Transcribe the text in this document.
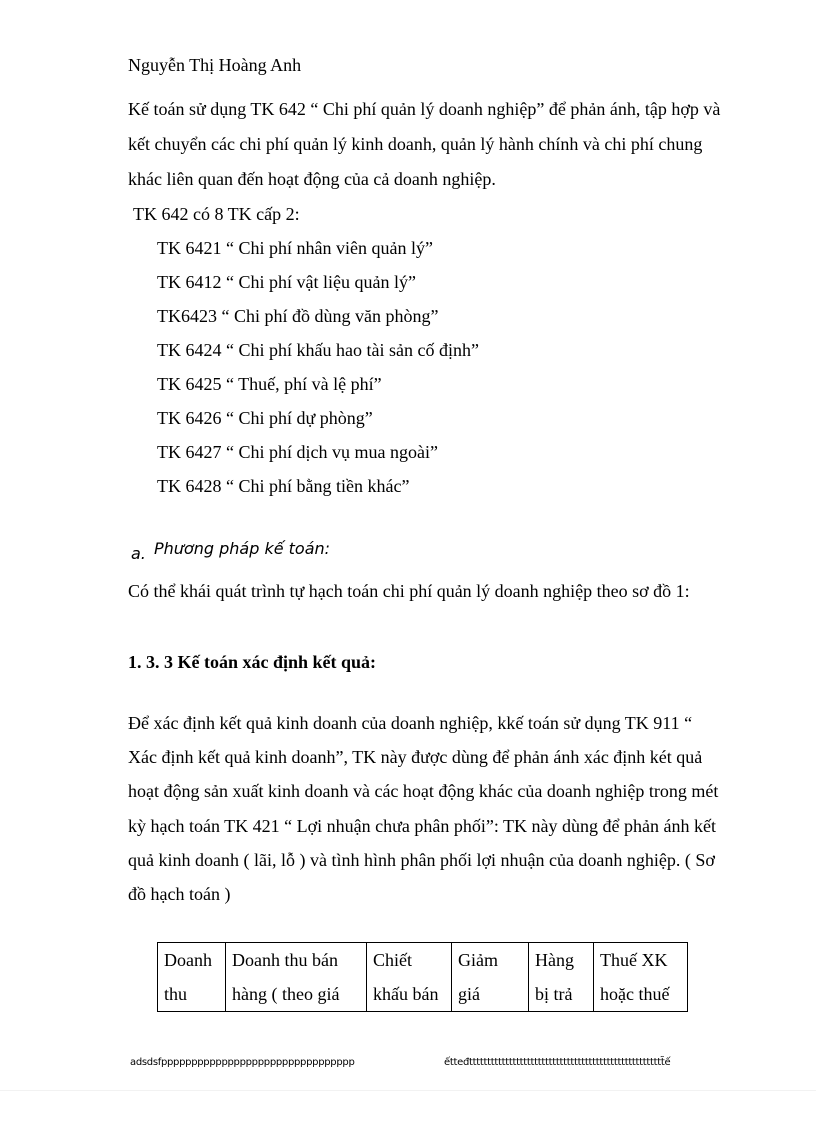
Nguyễn Thị Hoàng Anh
Kế toán sử dụng TK 642 “ Chi phí quản lý doanh nghiệp” để phản ánh, tập hợp và
kết chuyển các chi phí quản lý kinh doanh, quản lý hành chính và chi phí chung
khác liên quan đến hoạt động của cả doanh nghiệp.
TK 642 có 8 TK cấp 2:
TK 6421 “ Chi phí nhân viên quản lý”
TK 6412 “ Chi phí vật liệu quản lý”
TK6423 “ Chi phí đồ dùng văn phòng”
TK 6424 “ Chi phí khấu hao tài sản cố định”
TK 6425 “ Thuế, phí và lệ phí”
TK 6426 “ Chi phí dự phòng”
TK 6427 “ Chi phí dịch vụ mua ngoài”
TK 6428 “ Chi phí bằng tiền khác”
a. Phương pháp kế toán:
Có thể khái quát trình tự hạch toán chi phí quản lý doanh nghiệp theo sơ đồ 1:
1. 3. 3 Kế toán xác định kết quả:
Để xác định kết quả kinh doanh của doanh nghiệp, kkế toán sử dụng TK 911 “
Xác định kết quả kinh doanh”, TK này được dùng để phản ánh xác định két quả
hoạt động sản xuất kinh doanh và các hoạt động khác của doanh nghiệp trong mét
kỳ hạch toán TK 421 “ Lợi nhuận chưa phân phối”: TK này dùng để phản ánh kết
quả kinh doanh ( lãi, lỗ ) và tình hình phân phối lợi nhuận của doanh nghiệp. ( Sơ
đồ hạch toán )
Doanh
thu

Doanh thu bán
hàng ( theo giá

Chiết
khấu bán

Giảm
giá

Hàng
bị trả

Thuế XK
hoặc thuế
adsdsfpppppppppppppppppppppppppppppppp	ếtteđtttttttttttttttttttttttttttttttttttttttttttttttttttttt̃ế
